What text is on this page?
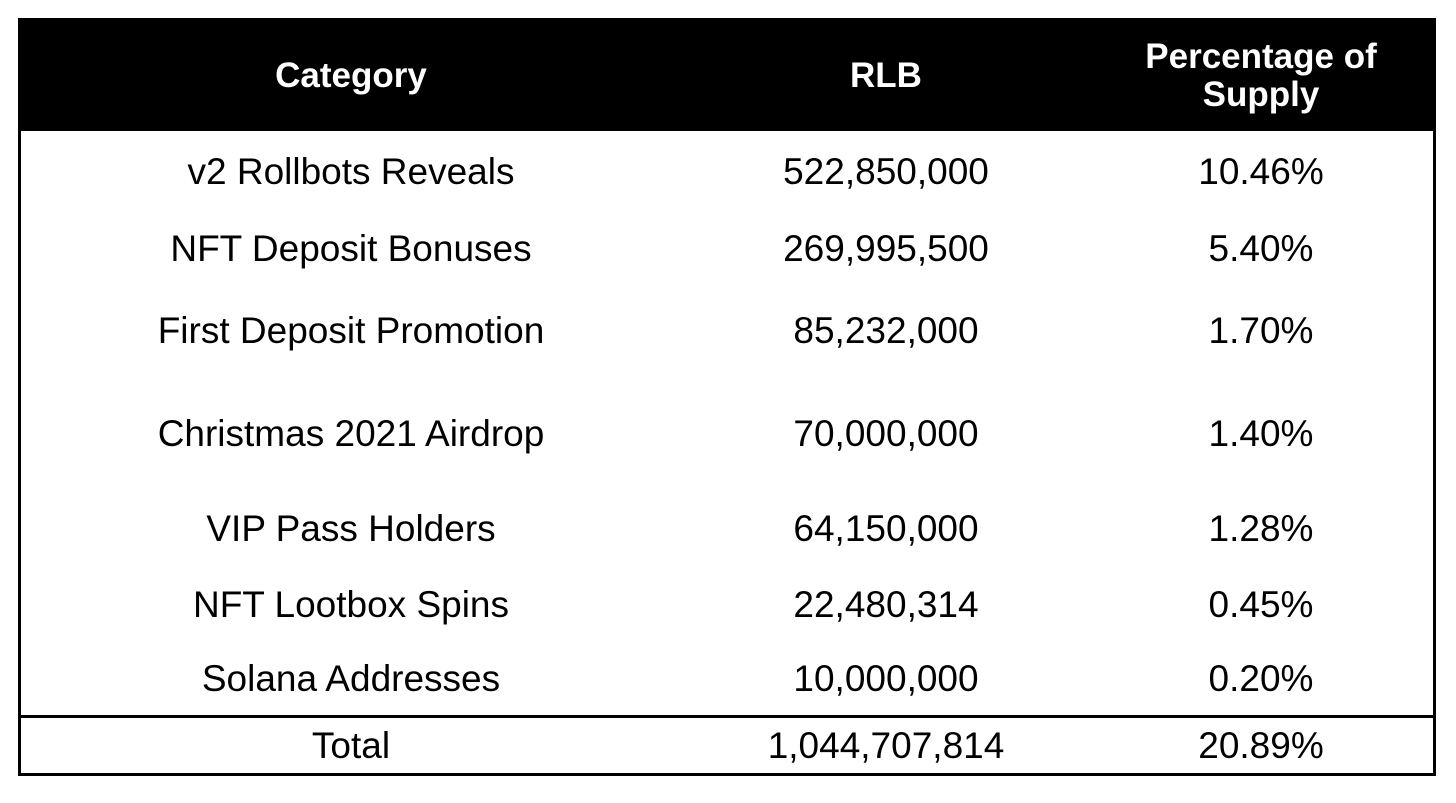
Category	RLB	Percentage of Supply
v2 Rollbots Reveals	522,850,000	10.46%
NFT Deposit Bonuses	269,995,500	5.40%
First Deposit Promotion	85,232,000	1.70%
Christmas 2021 Airdrop	70,000,000	1.40%
VIP Pass Holders	64,150,000	1.28%
NFT Lootbox Spins	22,480,314	0.45%
Solana Addresses	10,000,000	0.20%
Total	1,044,707,814	20.89%
